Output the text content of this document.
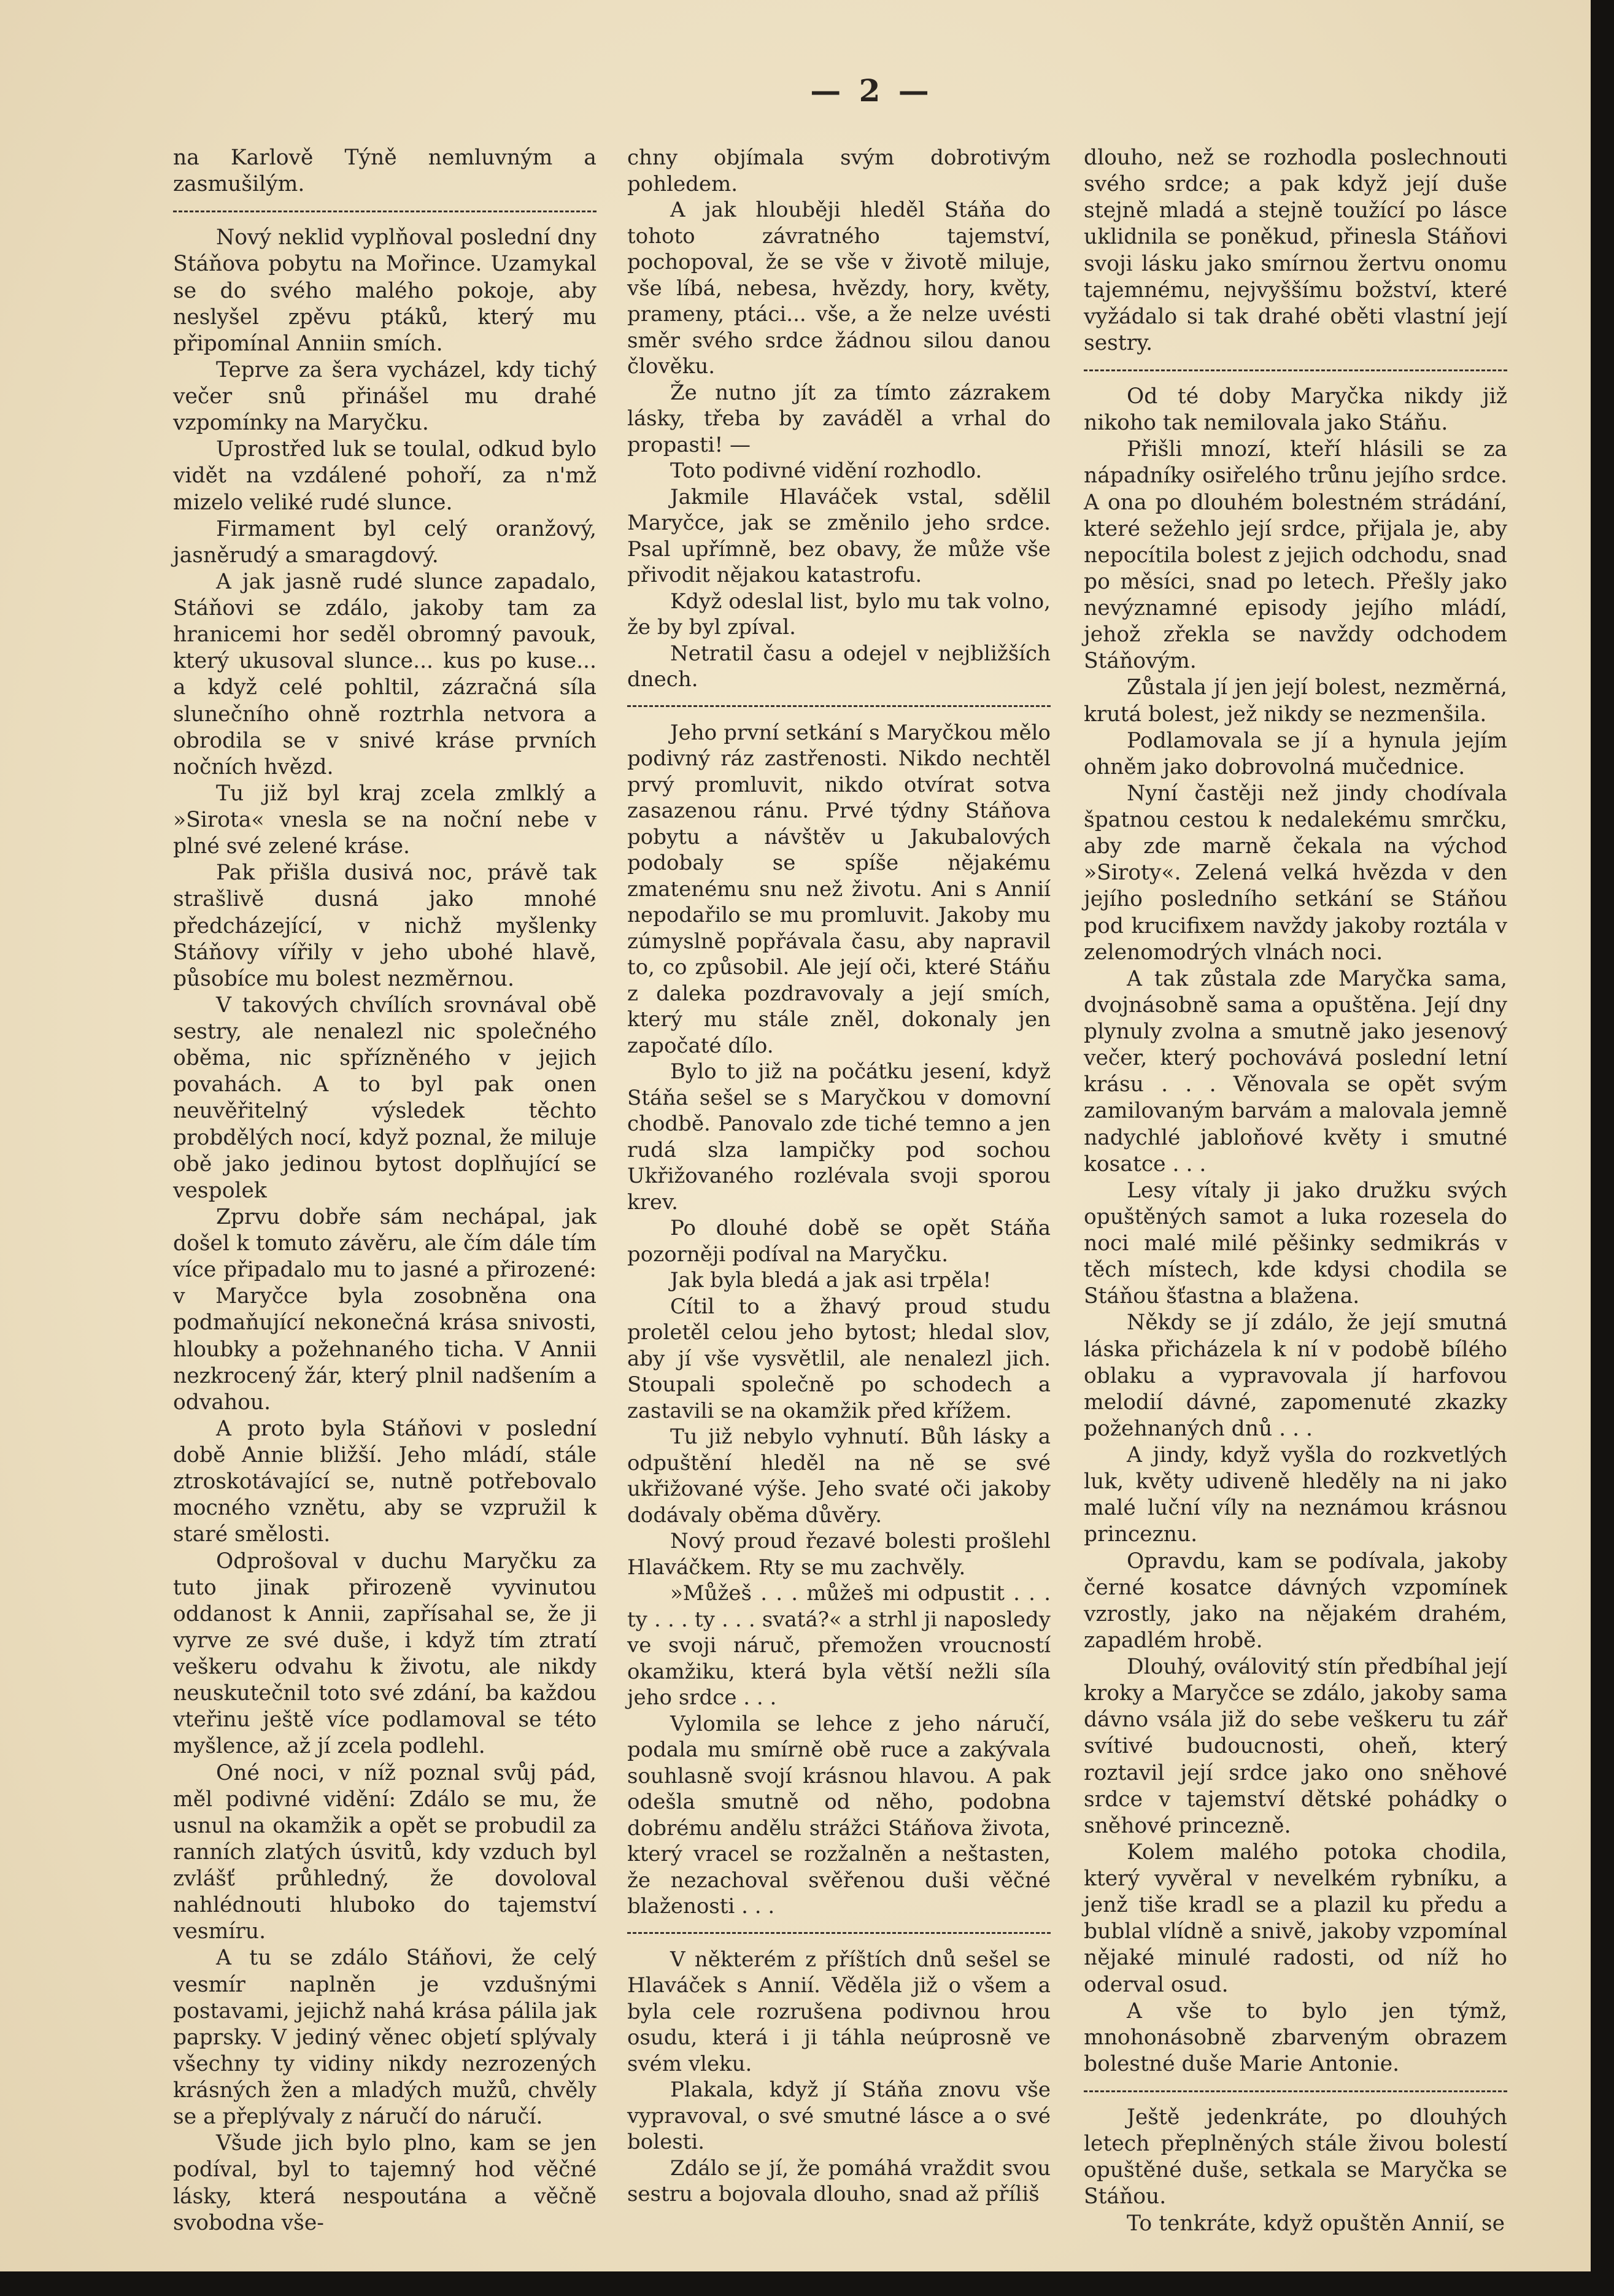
— 2 —

na Karlově Týně nemluvným a zasmušilým.

Nový neklid vyplňoval poslední dny Stáňova pobytu na Mořince. Uzamykal se do svého malého pokoje, aby neslyšel zpěvu ptáků, který mu připomínal Anniin smích.

Teprve za šera vycházel, kdy tichý večer snů přinášel mu drahé vzpomínky na Maryčku.

Uprostřed luk se toulal, odkud bylo vidět na vzdálené pohoří, za n'mž mizelo veliké rudé slunce.

Firmament byl celý oranžový, jasněrudý a smaragdový.

A jak jasně rudé slunce zapadalo, Stáňovi se zdálo, jakoby tam za hranicemi hor seděl obromný pavouk, který ukusoval slunce... kus po kuse... a když celé pohltil, zázračná síla slunečního ohně roztrhla netvora a obrodila se v snivé kráse prvních nočních hvězd.

Tu již byl kraj zcela zmlklý a »Sirota« vnesla se na noční nebe v plné své zelené kráse.

Pak přišla dusivá noc, právě tak strašlivě dusná jako mnohé předcházející, v nichž myšlenky Stáňovy vířily v jeho ubohé hlavě, působíce mu bolest nezměrnou.

V takových chvílích srovnával obě sestry, ale nenalezl nic společného oběma, nic spřízněného v jejich povahách. A to byl pak onen neuvěřitelný výsledek těchto probdělých nocí, když poznal, že miluje obě jako jedinou bytost doplňující se vespolek

Zprvu dobře sám nechápal, jak došel k tomuto závěru, ale čím dále tím více připadalo mu to jasné a přirozené: v Maryčce byla zosobněna ona podmaňující nekonečná krása snivosti, hloubky a požehnaného ticha. V Annii nezkrocený žár, který plnil nadšením a odvahou.

A proto byla Stáňovi v poslední době Annie bližší. Jeho mládí, stále ztroskotávající se, nutně potřebovalo mocného vznětu, aby se vzpružil k staré smělosti.

Odprošoval v duchu Maryčku za tuto jinak přirozeně vyvinutou oddanost k Annii, zapřísahal se, že ji vyrve ze své duše, i když tím ztratí veškeru odvahu k životu, ale nikdy neuskutečnil toto své zdání, ba každou vteřinu ještě více podlamoval se této myšlence, až jí zcela podlehl.

Oné noci, v níž poznal svůj pád, měl podivné vidění: Zdálo se mu, že usnul na okamžik a opět se probudil za ranních zlatých úsvitů, kdy vzduch byl zvlášť průhledný, že dovoloval nahlédnouti hluboko do tajemství vesmíru.

A tu se zdálo Stáňovi, že celý vesmír naplněn je vzdušnými postavami, jejichž nahá krása pálila jak paprsky. V jediný věnec objetí splývaly všechny ty vidiny nikdy nezrozených krásných žen a mladých mužů, chvěly se a přeplývaly z náručí do náručí.

Všude jich bylo plno, kam se jen podíval, byl to tajemný hod věčné lásky, která nespoutána a věčně svobodna vše-

chny objímala svým dobrotivým pohledem.

A jak hlouběji hleděl Stáňa do tohoto závratného tajemství, pochopoval, že se vše v životě miluje, vše líbá, nebesa, hvězdy, hory, květy, prameny, ptáci... vše, a že nelze uvésti směr svého srdce žádnou silou danou člověku.

Že nutno jít za tímto zázrakem lásky, třeba by zaváděl a vrhal do propasti! —

Toto podivné vidění rozhodlo.

Jakmile Hlaváček vstal, sdělil Maryčce, jak se změnilo jeho srdce. Psal upřímně, bez obavy, že může vše přivodit nějakou katastrofu.

Když odeslal list, bylo mu tak volno, že by byl zpíval.

Netratil času a odejel v nejbližších dnech.

Jeho první setkání s Maryčkou mělo podivný ráz zastřenosti. Nikdo nechtěl prvý promluvit, nikdo otvírat sotva zasazenou ránu. Prvé týdny Stáňova pobytu a návštěv u Jakubalových podobaly se spíše nějakému zmatenému snu než životu. Ani s Annií nepodařilo se mu promluvit. Jakoby mu zúmyslně popřávala času, aby napravil to, co způsobil. Ale její oči, které Stáňu z daleka pozdravovaly a její smích, který mu stále zněl, dokonaly jen započaté dílo.

Bylo to již na počátku jesení, když Stáňa sešel se s Maryčkou v domovní chodbě. Panovalo zde tiché temno a jen rudá slza lampičky pod sochou Ukřižovaného rozlévala svoji sporou krev.

Po dlouhé době se opět Stáňa pozorněji podíval na Maryčku.

Jak byla bledá a jak asi trpěla!

Cítil to a žhavý proud studu proletěl celou jeho bytost; hledal slov, aby jí vše vysvětlil, ale nenalezl jich. Stoupali společně po schodech a zastavili se na okamžik před křížem.

Tu již nebylo vyhnutí. Bůh lásky a odpuštění hleděl na ně se své ukřižované výše. Jeho svaté oči jakoby dodávaly oběma důvěry.

Nový proud řezavé bolesti prošlehl Hlaváčkem. Rty se mu zachvěly.

»Můžeš . . . můžeš mi odpustit . . . ty . . . ty . . . svatá?« a strhl ji naposledy ve svoji náruč, přemožen vroucností okamžiku, která byla větší nežli síla jeho srdce . . .

Vylomila se lehce z jeho náručí, podala mu smírně obě ruce a zakývala souhlasně svojí krásnou hlavou. A pak odešla smutně od něho, podobna dobrému andělu strážci Stáňova života, který vracel se rozžalněn a neštasten, že nezachoval svěřenou duši věčné blaženosti . . .

V některém z příštích dnů sešel se Hlaváček s Annií. Věděla již o všem a byla cele rozrušena podivnou hrou osudu, která i ji táhla neúprosně ve svém vleku.

Plakala, když jí Stáňa znovu vše vypravoval, o své smutné lásce a o své bolesti.

Zdálo se jí, že pomáhá vraždit svou sestru a bojovala dlouho, snad až příliš

dlouho, než se rozhodla poslechnouti svého srdce; a pak když její duše stejně mladá a stejně toužící po lásce uklidnila se poněkud, přinesla Stáňovi svoji lásku jako smírnou žertvu onomu tajemnému, nejvyššímu božství, které vyžádalo si tak drahé oběti vlastní její sestry.

Od té doby Maryčka nikdy již nikoho tak nemilovala jako Stáňu.

Přišli mnozí, kteří hlásili se za nápadníky osiřelého trůnu jejího srdce. A ona po dlouhém bolestném strádání, které sežehlo její srdce, přijala je, aby nepocítila bolest z jejich odchodu, snad po měsíci, snad po letech. Přešly jako nevýznamné episody jejího mládí, jehož zřekla se navždy odchodem Stáňovým.

Zůstala jí jen její bolest, nezměrná, krutá bolest, jež nikdy se nezmenšila.

Podlamovala se jí a hynula jejím ohněm jako dobrovolná mučednice.

Nyní častěji než jindy chodívala špatnou cestou k nedalekému smrčku, aby zde marně čekala na východ »Siroty«. Zelená velká hvězda v den jejího posledního setkání se Stáňou pod krucifixem navždy jakoby roztála v zelenomodrých vlnách noci.

A tak zůstala zde Maryčka sama, dvojnásobně sama a opuštěna. Její dny plynuly zvolna a smutně jako jesenový večer, který pochovává poslední letní krásu . . . Věnovala se opět svým zamilovaným barvám a malovala jemně nadychlé jabloňové květy i smutné kosatce . . .

Lesy vítaly ji jako družku svých opuštěných samot a luka rozesela do noci malé milé pěšinky sedmikrás v těch místech, kde kdysi chodila se Stáňou šťastna a blažena.

Někdy se jí zdálo, že její smutná láska přicházela k ní v podobě bílého oblaku a vypravovala jí harfovou melodií dávné, zapomenuté zkazky požehnaných dnů . . .

A jindy, když vyšla do rozkvetlých luk, květy udiveně hleděly na ni jako malé luční víly na neznámou krásnou princeznu.

Opravdu, kam se podívala, jakoby černé kosatce dávných vzpomínek vzrostly, jako na nějakém drahém, zapadlém hrobě.

Dlouhý, oválovitý stín předbíhal její kroky a Maryčce se zdálo, jakoby sama dávno vsála již do sebe veškeru tu zář svítivé budoucnosti, oheň, který roztavil její srdce jako ono sněhové srdce v tajemství dětské pohádky o sněhové princezně.

Kolem malého potoka chodila, který vyvěral v nevelkém rybníku, a jenž tiše kradl se a plazil ku předu a bublal vlídně a snivě, jakoby vzpomínal nějaké minulé radosti, od níž ho oderval osud.

A vše to bylo jen týmž, mnohonásobně zbarveným obrazem bolestné duše Marie Antonie.

Ještě jedenkráte, po dlouhých letech přeplněných stále živou bolestí opuštěné duše, setkala se Maryčka se Stáňou.

To tenkráte, když opuštěn Annií, se
